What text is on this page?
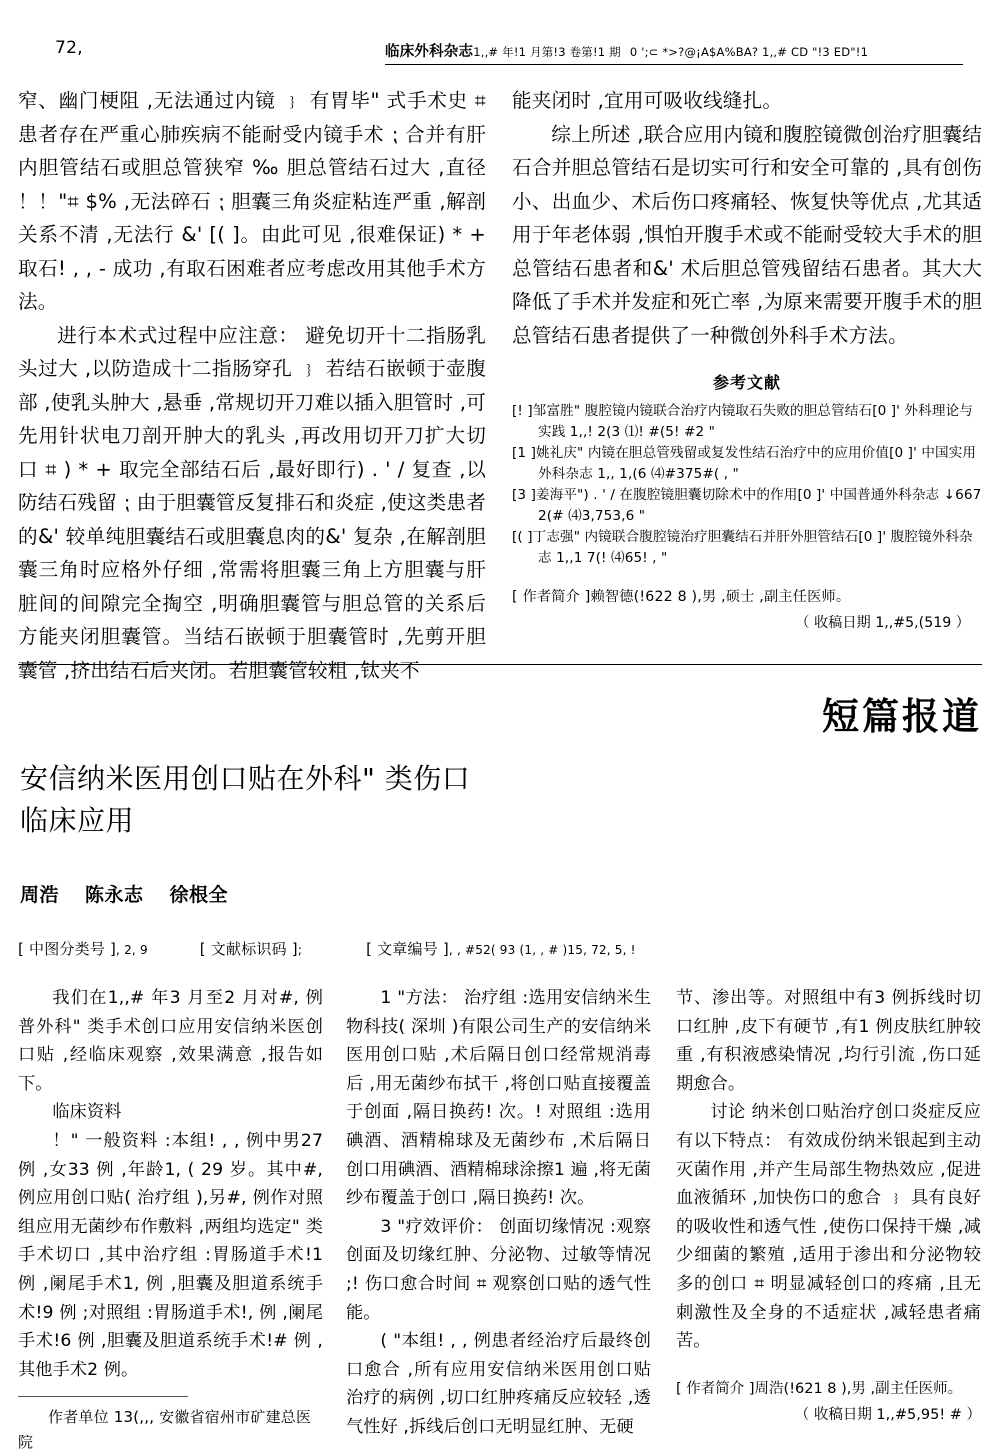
72,	临床外科杂志1,,# 年!1 月第!3 卷第!1 期 0 ';⊂ *>?@¡A$A%BA? 1,,# CD "!3 ED"!1

窄、幽门梗阻 ,无法通过内镜 ﹜ 有胃毕" 式手术史 ⌗ 患者存在严重心肺疾病不能耐受内镜手术 ⁏ 合并有肝内胆管结石或胆总管狭窄 ‰ 胆总管结石过大 ,直径 ！！"⌗ $% ,无法碎石 ⁏ 胆囊三角炎症粘连严重 ,解剖关系不清 ,无法行 &' [( ]。由此可见 ,很难保证) * + 取石! , , - 成功 ,有取石困难者应考虑改用其他手术方法。

进行本术式过程中应注意： 避免切开十二指肠乳头过大 ,以防造成十二指肠穿孔 ﹜ 若结石嵌顿于壶腹部 ,使乳头肿大 ,悬垂 ,常规切开刀难以插入胆管时 ,可先用针状电刀剖开肿大的乳头 ,再改用切开刀扩大切口 ⌗ ) * + 取完全部结石后 ,最好即行) . ' / 复查 ,以防结石残留 ⁏ 由于胆囊管反复排石和炎症 ,使这类患者的&' 较单纯胆囊结石或胆囊息肉的&' 复杂 ,在解剖胆囊三角时应格外仔细 ,常需将胆囊三角上方胆囊与肝脏间的间隙完全掏空 ,明确胆囊管与胆总管的关系后方能夹闭胆囊管。当结石嵌顿于胆囊管时 ,先剪开胆囊管 ,挤出结石后夹闭。若胆囊管较粗 ,钛夹不

能夹闭时 ,宜用可吸收线缝扎。

综上所述 ,联合应用内镜和腹腔镜微创治疗胆囊结石合并胆总管结石是切实可行和安全可靠的 ,具有创伤小、出血少、术后伤口疼痛轻、恢复快等优点 ,尤其适用于年老体弱 ,惧怕开腹手术或不能耐受较大手术的胆总管结石患者和&' 术后胆总管残留结石患者。其大大降低了手术并发症和死亡率 ,为原来需要开腹手术的胆总管结石患者提供了一种微创外科手术方法。

参考文献
[! ]邹富胜" 腹腔镜内镜联合治疗内镜取石失败的胆总管结石[0 ]' 外科理论与实践 1,,! 2(3 ⑴! #(5! #2 "
[1 ]姚礼庆" 内镜在胆总管残留或复发性结石治疗中的应用价值[0 ]' 中国实用外科杂志 1,, 1,(6 ⑷#375#( , "
[3 ]姜海平") . ' / 在腹腔镜胆囊切除术中的作用[0 ]' 中国普通外科杂志 ↓667 2(# ⑷3,753,6 "
[( ]丁志强" 内镜联合腹腔镜治疗胆囊结石并肝外胆管结石[0 ]' 腹腔镜外科杂志 1,,1 7(! ⑷65! , "
[ 作者简介 ]赖智德(!622 8 ),男 ,硕士 ,副主任医师。
（ 收稿日期 1,,#5,(519 ）
短篇报道
安信纳米医用创口贴在外科" 类伤口
临床应用
周浩 陈永志 徐根全
[ 中图分类号 ], 2, 9	[ 文献标识码 ];	[ 文章编号 ], , #52( 93 (1, , # )15, 72, 5, !

我们在1,,# 年3 月至2 月对#, 例普外科" 类手术创口应用安信纳米医创口贴 ,经临床观察 ,效果满意 ,报告如下。

临床资料

！" 一般资料 :本组! , , 例中男27 例 ,女33 例 ,年龄1, ( 29 岁。其中#, 例应用创口贴( 治疗组 ),另#, 例作对照组应用无菌纱布作敷料 ,两组均选定" 类手术切口 ,其中治疗组 :胃肠道手术!1 例 ,阑尾手术1, 例 ,胆囊及胆道系统手术!9 例 ;对照组 :胃肠道手术!, 例 ,阑尾手术!6 例 ,胆囊及胆道系统手术!# 例 ,其他手术2 例。

作者单位 13(,,, 安徽省宿州市矿建总医院

1 "方法： 治疗组 :选用安信纳米生物科技( 深圳 )有限公司生产的安信纳米医用创口贴 ,术后隔日创口经常规消毒后 ,用无菌纱布拭干 ,将创口贴直接覆盖于创面 ,隔日换药! 次。! 对照组 :选用碘酒、酒精棉球及无菌纱布 ,术后隔日创口用碘酒、酒精棉球涂擦1 遍 ,将无菌纱布覆盖于创口 ,隔日换药! 次。

3 "疗效评价： 创面切缘情况 :观察创面及切缘红肿、分泌物、过敏等情况 ;! 伤口愈合时间 ⌗ 观察创口贴的透气性能。

( "本组! , , 例患者经治疗后最终创口愈合 ,所有应用安信纳米医用创口贴治疗的病例 ,切口红肿疼痛反应较轻 ,透气性好 ,拆线后创口无明显红肿、无硬

节、渗出等。对照组中有3 例拆线时切口红肿 ,皮下有硬节 ,有1 例皮肤红肿较重 ,有积液感染情况 ,均行引流 ,伤口延期愈合。

讨论 纳米创口贴治疗创口炎症反应有以下特点： 有效成份纳米银起到主动灭菌作用 ,并产生局部生物热效应 ,促进血液循环 ,加快伤口的愈合 ﹜ 具有良好的吸收性和透气性 ,使伤口保持干燥 ,减少细菌的繁殖 ,适用于渗出和分泌物较多的创口 ⌗ 明显减轻创口的疼痛 ,且无刺激性及全身的不适症状 ,减轻患者痛苦。

[ 作者简介 ]周浩(!621 8 ),男 ,副主任医师。
（ 收稿日期 1,,#5,95! # ）
